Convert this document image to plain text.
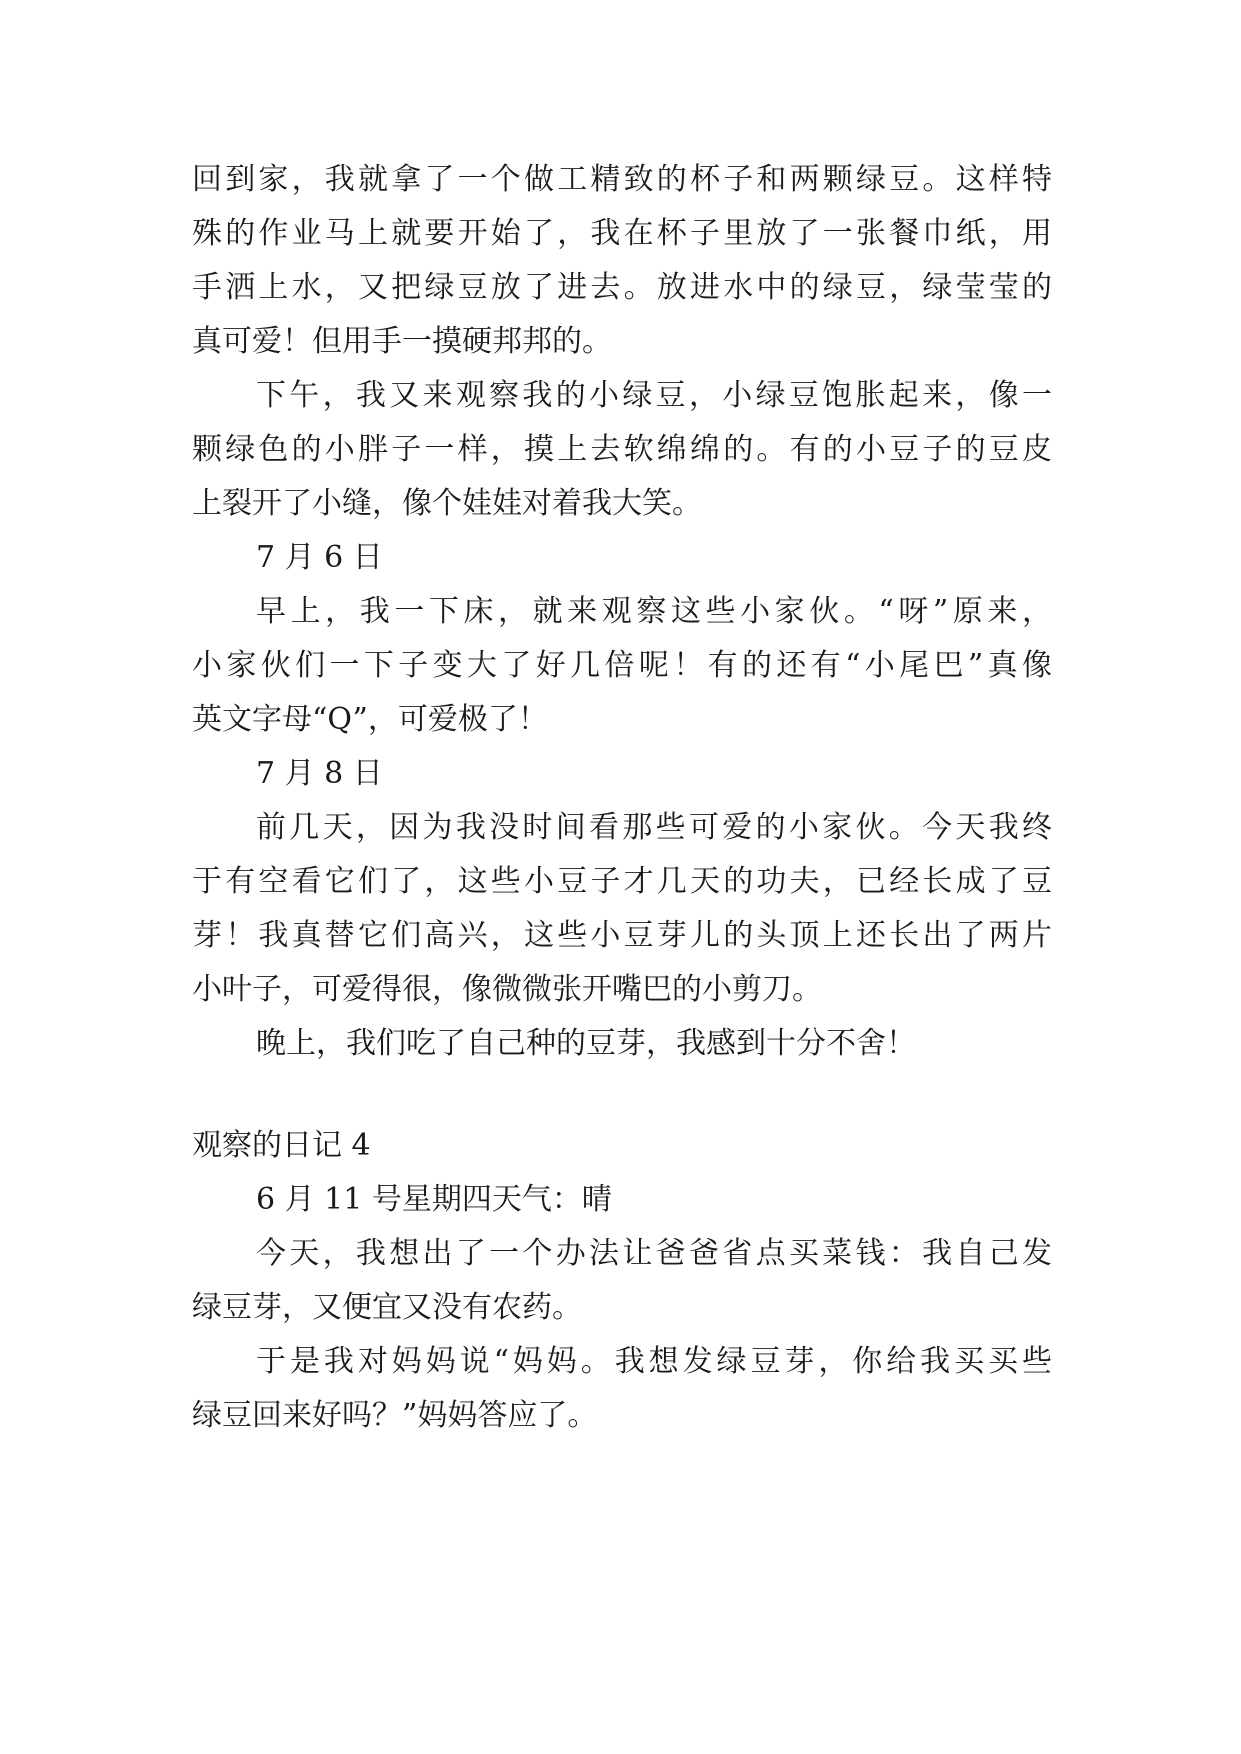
回到家，我就拿了一个做工精致的杯子和两颗绿豆。这样特
殊的作业马上就要开始了，我在杯子里放了一张餐巾纸，用
手洒上水，又把绿豆放了进去。放进水中的绿豆，绿莹莹的
真可爱！但用手一摸硬邦邦的。
下午，我又来观察我的小绿豆，小绿豆饱胀起来，像一
颗绿色的小胖子一样，摸上去软绵绵的。有的小豆子的豆皮
上裂开了小缝，像个娃娃对着我大笑。
7 月 6 日
早上，我一下床，就来观察这些小家伙。“呀”原来，
小家伙们一下子变大了好几倍呢！有的还有“小尾巴”真像
英文字母“Q”，可爱极了！
7 月 8 日
前几天，因为我没时间看那些可爱的小家伙。今天我终
于有空看它们了，这些小豆子才几天的功夫，已经长成了豆
芽！我真替它们高兴，这些小豆芽儿的头顶上还长出了两片
小叶子，可爱得很，像微微张开嘴巴的小剪刀。
晚上，我们吃了自己种的豆芽，我感到十分不舍！
观察的日记 4
6 月 11 号星期四天气：晴
今天，我想出了一个办法让爸爸省点买菜钱：我自己发
绿豆芽，又便宜又没有农药。
于是我对妈妈说“妈妈。我想发绿豆芽，你给我买买些
绿豆回来好吗？”妈妈答应了。
